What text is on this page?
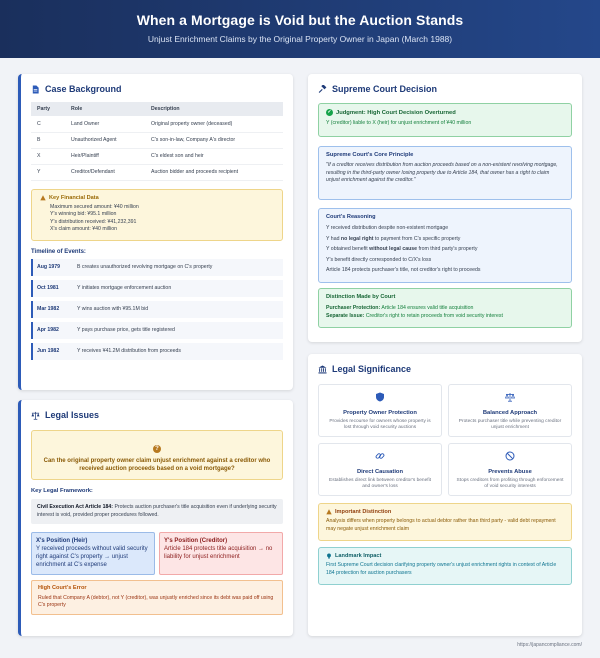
When a Mortgage is Void but the Auction Stands
Unjust Enrichment Claims by the Original Property Owner in Japan (March 1988)
Case Background
Party	Role	Description
C	Land Owner	Original property owner (deceased)
B	Unauthorized Agent	C's son-in-law, Company A's director
X	Heir/Plaintiff	C's eldest son and heir
Y	Creditor/Defendant	Auction bidder and proceeds recipient
Key Financial Data
Maximum secured amount: ¥40 million
Y's winning bid: ¥95.1 million
Y's distribution received: ¥41,232,391
X's claim amount: ¥40 million
Timeline of Events:
Aug 1979	B creates unauthorized revolving mortgage on C's property
Oct 1981	Y initiates mortgage enforcement auction
Mar 1982	Y wins auction with ¥95.1M bid
Apr 1982	Y pays purchase price, gets title registered
Jun 1982	Y receives ¥41.2M distribution from proceeds
Legal Issues
?
Can the original property owner claim unjust enrichment against a creditor who received auction proceeds based on a void mortgage?
Key Legal Framework:
Civil Execution Act Article 184: Protects auction purchaser's title acquisition even if underlying security interest is void, provided proper procedures followed.
X's Position (Heir)
Y received proceeds without valid security right against C's property → unjust enrichment at C's expense
Y's Position (Creditor)
Article 184 protects title acquisition → no liability for unjust enrichment
High Court's Error
Ruled that Company A (debtor), not Y (creditor), was unjustly enriched since its debt was paid off using C's property
Supreme Court Decision
✓ Judgment: High Court Decision Overturned
Y (creditor) liable to X (heir) for unjust enrichment of ¥40 million
Supreme Court's Core Principle
"If a creditor receives distribution from auction proceeds based on a non-existent revolving mortgage, resulting in the third-party owner losing property due to Article 184, that owner has a right to claim unjust enrichment against the creditor."
Court's Reasoning
Y received distribution despite non-existent mortgage
Y had no legal right to payment from C's specific property
Y obtained benefit without legal cause from third party's property
Y's benefit directly corresponded to C/X's loss
Article 184 protects purchaser's title, not creditor's right to proceeds
Distinction Made by Court
Purchaser Protection: Article 184 ensures valid title acquisition
Separate Issue: Creditor's right to retain proceeds from void security interest
Legal Significance
Property Owner Protection
Provides recourse for owners whose property is lost through void security auctions
Balanced Approach
Protects purchaser title while preventing creditor unjust enrichment
Direct Causation
Establishes direct link between creditor's benefit and owner's loss
Prevents Abuse
Stops creditors from profiting through enforcement of void security interests
Important Distinction
Analysis differs when property belongs to actual debtor rather than third party - valid debt repayment may negate unjust enrichment claim
Landmark Impact
First Supreme Court decision clarifying property owner's unjust enrichment rights in context of Article 184 protection for auction purchasers
https://japancompliance.com/
